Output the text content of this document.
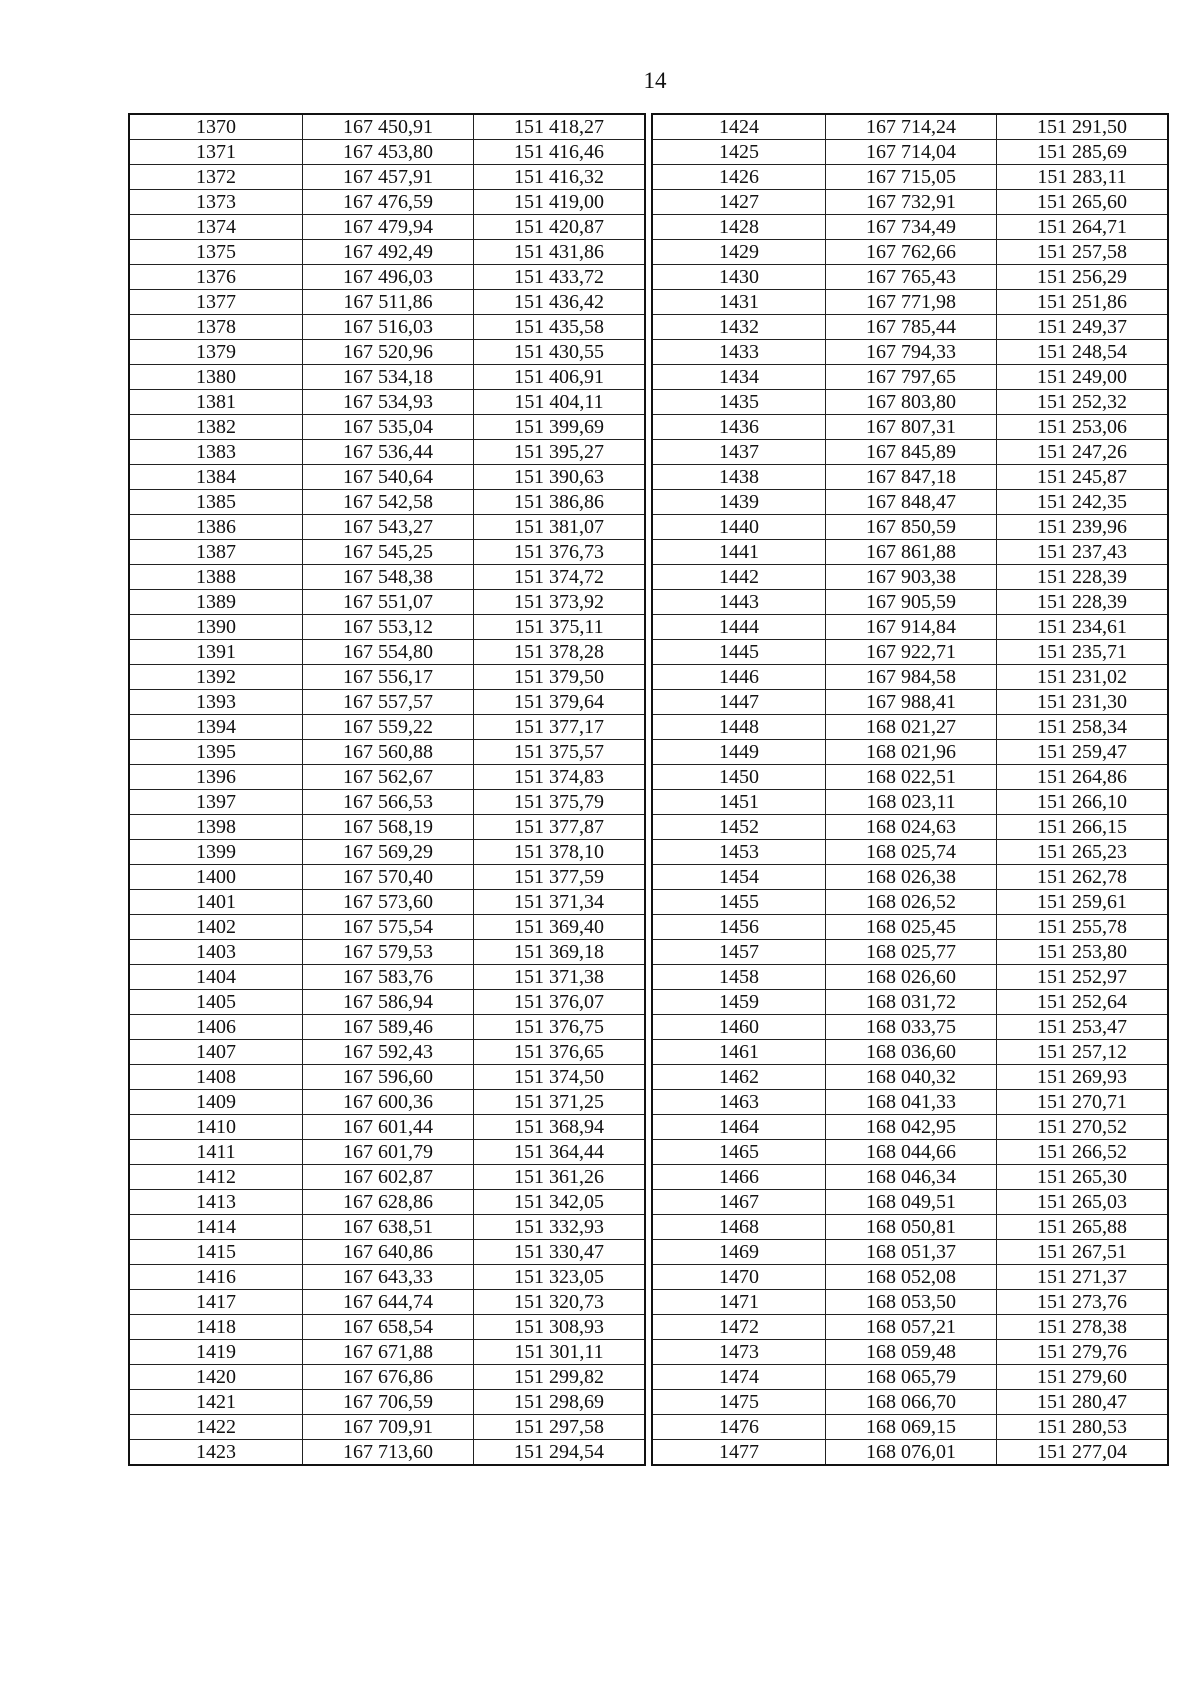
14
1370	167 450,91	151 418,27
1371	167 453,80	151 416,46
1372	167 457,91	151 416,32
1373	167 476,59	151 419,00
1374	167 479,94	151 420,87
1375	167 492,49	151 431,86
1376	167 496,03	151 433,72
1377	167 511,86	151 436,42
1378	167 516,03	151 435,58
1379	167 520,96	151 430,55
1380	167 534,18	151 406,91
1381	167 534,93	151 404,11
1382	167 535,04	151 399,69
1383	167 536,44	151 395,27
1384	167 540,64	151 390,63
1385	167 542,58	151 386,86
1386	167 543,27	151 381,07
1387	167 545,25	151 376,73
1388	167 548,38	151 374,72
1389	167 551,07	151 373,92
1390	167 553,12	151 375,11
1391	167 554,80	151 378,28
1392	167 556,17	151 379,50
1393	167 557,57	151 379,64
1394	167 559,22	151 377,17
1395	167 560,88	151 375,57
1396	167 562,67	151 374,83
1397	167 566,53	151 375,79
1398	167 568,19	151 377,87
1399	167 569,29	151 378,10
1400	167 570,40	151 377,59
1401	167 573,60	151 371,34
1402	167 575,54	151 369,40
1403	167 579,53	151 369,18
1404	167 583,76	151 371,38
1405	167 586,94	151 376,07
1406	167 589,46	151 376,75
1407	167 592,43	151 376,65
1408	167 596,60	151 374,50
1409	167 600,36	151 371,25
1410	167 601,44	151 368,94
1411	167 601,79	151 364,44
1412	167 602,87	151 361,26
1413	167 628,86	151 342,05
1414	167 638,51	151 332,93
1415	167 640,86	151 330,47
1416	167 643,33	151 323,05
1417	167 644,74	151 320,73
1418	167 658,54	151 308,93
1419	167 671,88	151 301,11
1420	167 676,86	151 299,82
1421	167 706,59	151 298,69
1422	167 709,91	151 297,58
1423	167 713,60	151 294,54
1424	167 714,24	151 291,50
1425	167 714,04	151 285,69
1426	167 715,05	151 283,11
1427	167 732,91	151 265,60
1428	167 734,49	151 264,71
1429	167 762,66	151 257,58
1430	167 765,43	151 256,29
1431	167 771,98	151 251,86
1432	167 785,44	151 249,37
1433	167 794,33	151 248,54
1434	167 797,65	151 249,00
1435	167 803,80	151 252,32
1436	167 807,31	151 253,06
1437	167 845,89	151 247,26
1438	167 847,18	151 245,87
1439	167 848,47	151 242,35
1440	167 850,59	151 239,96
1441	167 861,88	151 237,43
1442	167 903,38	151 228,39
1443	167 905,59	151 228,39
1444	167 914,84	151 234,61
1445	167 922,71	151 235,71
1446	167 984,58	151 231,02
1447	167 988,41	151 231,30
1448	168 021,27	151 258,34
1449	168 021,96	151 259,47
1450	168 022,51	151 264,86
1451	168 023,11	151 266,10
1452	168 024,63	151 266,15
1453	168 025,74	151 265,23
1454	168 026,38	151 262,78
1455	168 026,52	151 259,61
1456	168 025,45	151 255,78
1457	168 025,77	151 253,80
1458	168 026,60	151 252,97
1459	168 031,72	151 252,64
1460	168 033,75	151 253,47
1461	168 036,60	151 257,12
1462	168 040,32	151 269,93
1463	168 041,33	151 270,71
1464	168 042,95	151 270,52
1465	168 044,66	151 266,52
1466	168 046,34	151 265,30
1467	168 049,51	151 265,03
1468	168 050,81	151 265,88
1469	168 051,37	151 267,51
1470	168 052,08	151 271,37
1471	168 053,50	151 273,76
1472	168 057,21	151 278,38
1473	168 059,48	151 279,76
1474	168 065,79	151 279,60
1475	168 066,70	151 280,47
1476	168 069,15	151 280,53
1477	168 076,01	151 277,04
